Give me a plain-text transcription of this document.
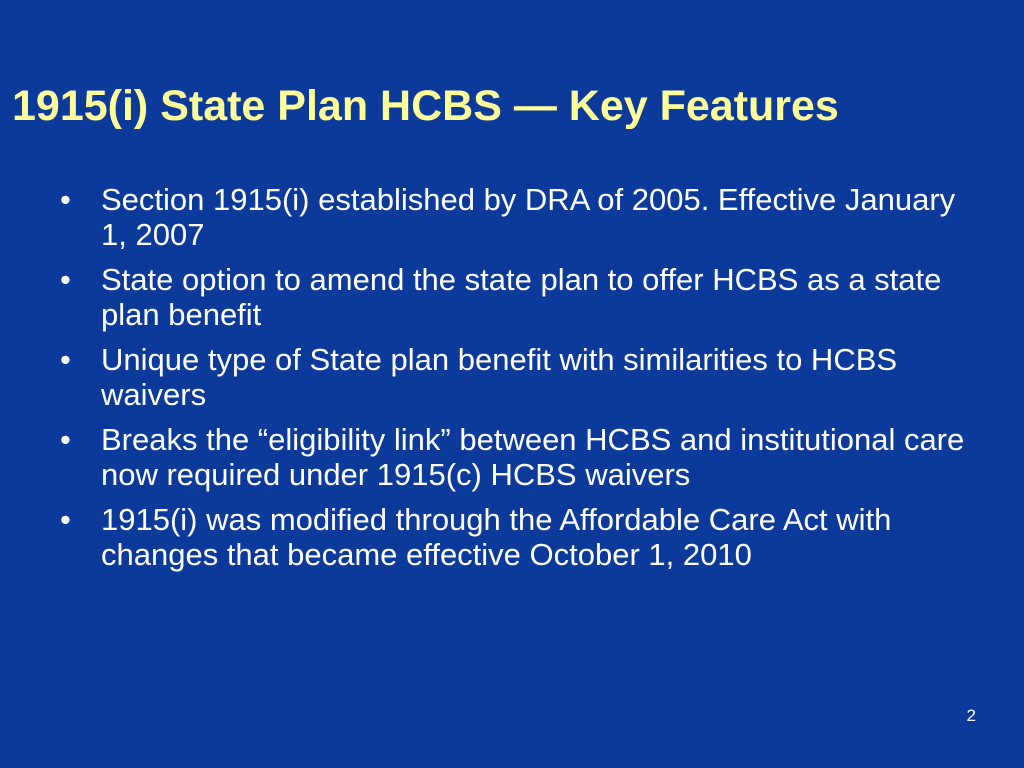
1915(i) State Plan HCBS — Key Features
• Section 1915(i) established by DRA of 2005. Effective January 1, 2007
• State option to amend the state plan to offer HCBS as a state plan benefit
• Unique type of State plan benefit with similarities to HCBS waivers
• Breaks the “eligibility link” between HCBS and institutional care now required under 1915(c) HCBS waivers
• 1915(i) was modified through the Affordable Care Act with changes that became effective October 1, 2010
2
